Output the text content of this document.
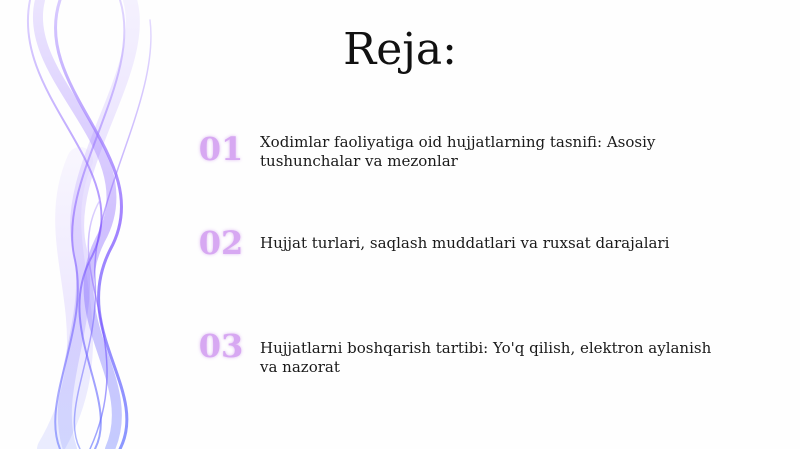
Reja:
01 Xodimlar faoliyatiga oid hujjatlarning tasnifi: Asosiy tushunchalar va mezonlar
02 Hujjat turlari, saqlash muddatlari va ruxsat darajalari
03 Hujjatlarni boshqarish tartibi: Yo'q qilish, elektron aylanish va nazorat
